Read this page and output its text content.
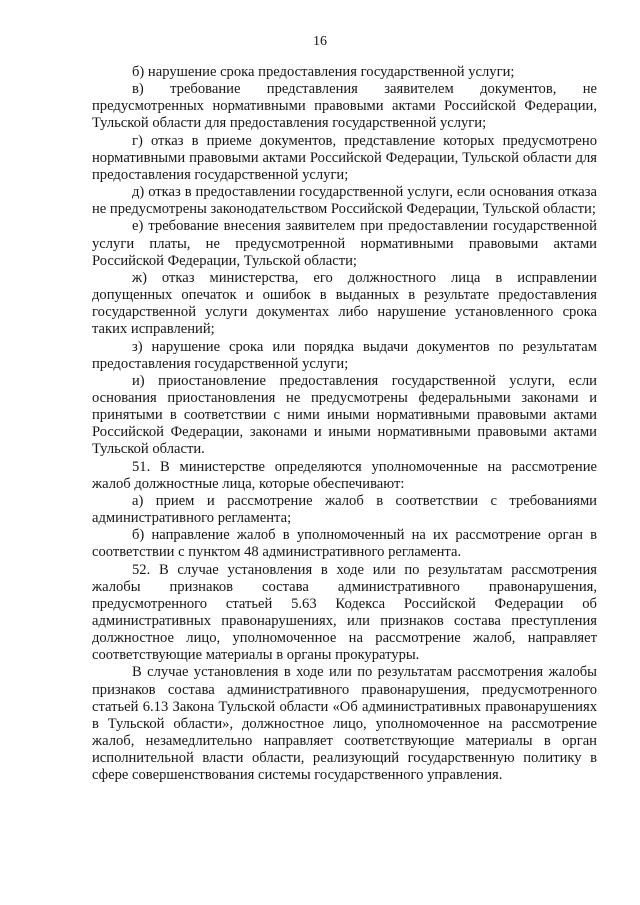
16

б) нарушение срока предоставления государственной услуги;

в) требование представления заявителем документов, не предусмотренных нормативными правовыми актами Российской Федерации, Тульской области для предоставления государственной услуги;

г) отказ в приеме документов, представление которых предусмотрено нормативными правовыми актами Российской Федерации, Тульской области для предоставления государственной услуги;

д) отказ в предоставлении государственной услуги, если основания отказа не предусмотрены законодательством Российской Федерации, Тульской области;

е) требование внесения заявителем при предоставлении государственной услуги платы, не предусмотренной нормативными правовыми актами Российской Федерации, Тульской области;

ж) отказ министерства, его должностного лица в исправлении допущенных опечаток и ошибок в выданных в результате предоставления государственной услуги документах либо нарушение установленного срока таких исправлений;

з) нарушение срока или порядка выдачи документов по результатам предоставления государственной услуги;

и) приостановление предоставления государственной услуги, если основания приостановления не предусмотрены федеральными законами и принятыми в соответствии с ними иными нормативными правовыми актами Российской Федерации, законами и иными нормативными правовыми актами Тульской области.

51. В министерстве определяются уполномоченные на рассмотрение жалоб должностные лица, которые обеспечивают:

а) прием и рассмотрение жалоб в соответствии с требованиями административного регламента;

б) направление жалоб в уполномоченный на их рассмотрение орган в соответствии с пунктом 48 административного регламента.

52. В случае установления в ходе или по результатам рассмотрения жалобы признаков состава административного правонарушения, предусмотренного статьей 5.63 Кодекса Российской Федерации об административных правонарушениях, или признаков состава преступления должностное лицо, уполномоченное на рассмотрение жалоб, направляет соответствующие материалы в органы прокуратуры.

В случае установления в ходе или по результатам рассмотрения жалобы признаков состава административного правонарушения, предусмотренного статьей 6.13 Закона Тульской области «Об административных правонарушениях в Тульской области», должностное лицо, уполномоченное на рассмотрение жалоб, незамедлительно направляет соответствующие материалы в орган исполнительной власти области, реализующий государственную политику в сфере совершенствования системы государственного управления.
